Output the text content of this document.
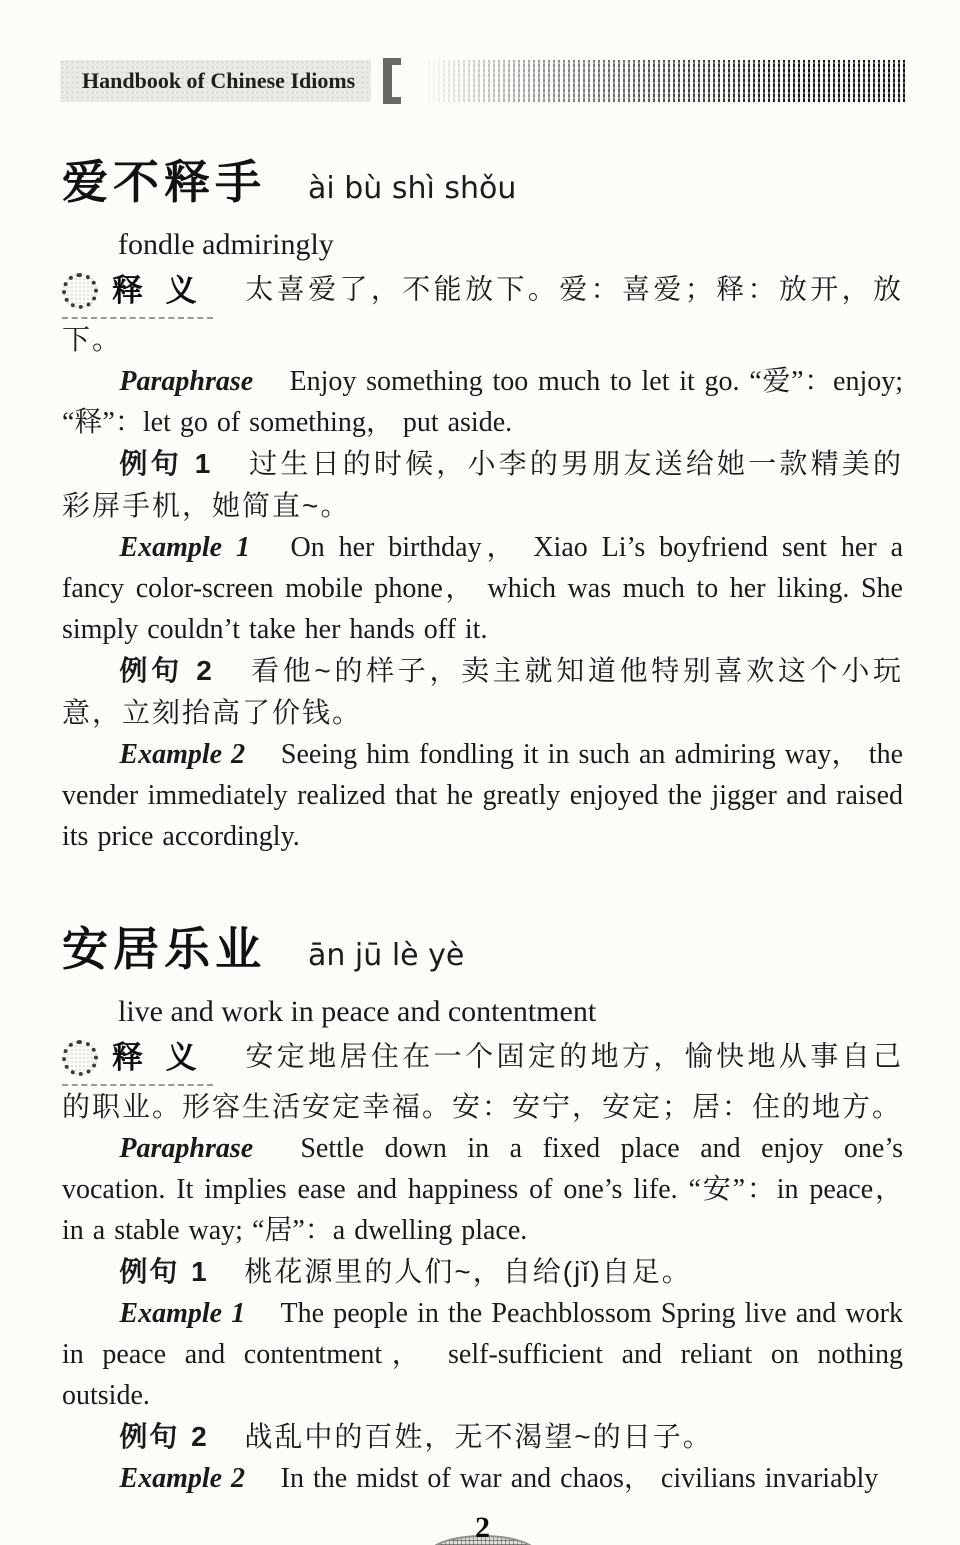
Handbook of Chinese Idioms
爱不释手 ài bù shì shǒu
fondle admiringly

释 义 太喜爱了，不能放下。爱：喜爱；释：放开，放下。

Paraphrase Enjoy something too much to let it go. “爱”：enjoy; “释”：let go of something， put aside.

例句 1 过生日的时候，小李的男朋友送给她一款精美的彩屏手机，她简直~。

Example 1 On her birthday， Xiao Li’s boyfriend sent her a fancy color-screen mobile phone， which was much to her liking. She simply couldn’t take her hands off it.

例句 2 看他~的样子，卖主就知道他特别喜欢这个小玩意，立刻抬高了价钱。

Example 2 Seeing him fondling it in such an admiring way， the vender immediately realized that he greatly enjoyed the jigger and raised its price accordingly.

安居乐业 ān jū lè yè
live and work in peace and contentment

释 义 安定地居住在一个固定的地方，愉快地从事自己的职业。形容生活安定幸福。安：安宁，安定；居：住的地方。

Paraphrase Settle down in a fixed place and enjoy one’s vocation. It implies ease and happiness of one’s life. “安”：in peace， in a stable way; “居”：a dwelling place.

例句 1 桃花源里的人们~，自给(jǐ)自足。

Example 1 The people in the Peachblossom Spring live and work in peace and contentment， self-sufficient and reliant on nothing outside.

例句 2 战乱中的百姓，无不渴望~的日子。

Example 2 In the midst of war and chaos， civilians invariably

2
